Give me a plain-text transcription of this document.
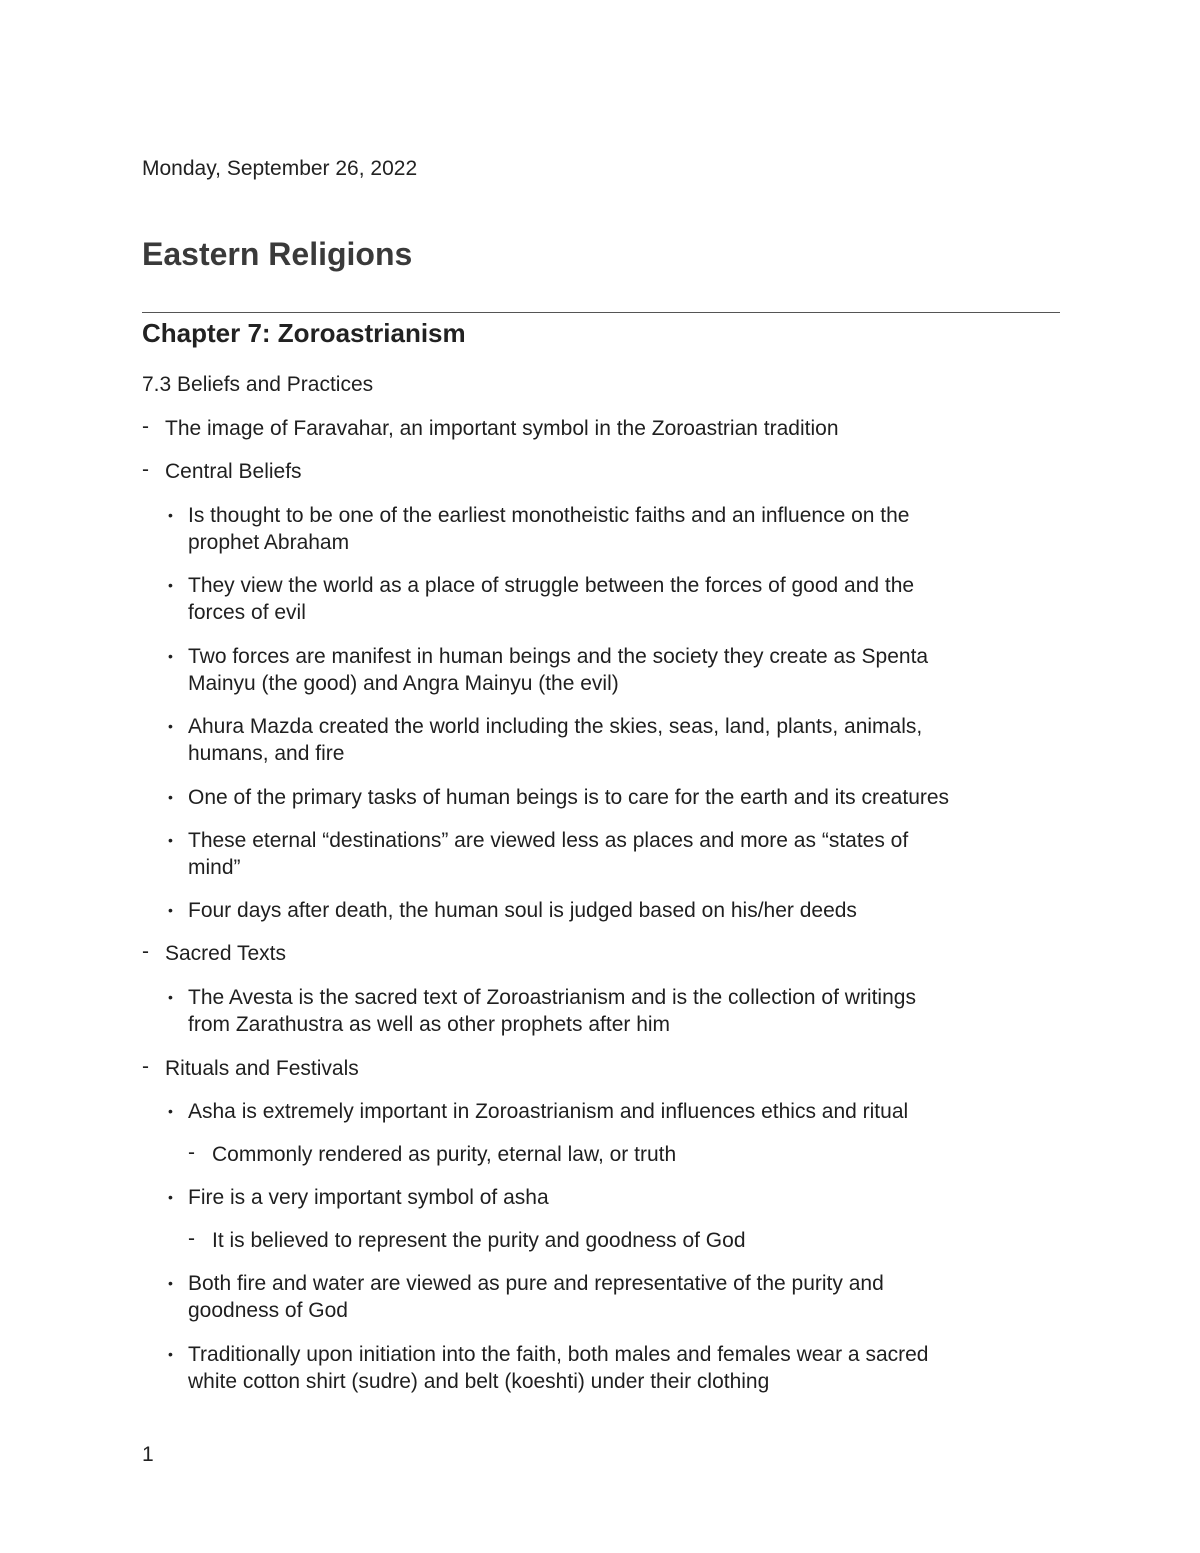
Monday, September 26, 2022
Eastern Religions
Chapter 7: Zoroastrianism
7.3 Beliefs and Practices
- The image of Faravahar, an important symbol in the Zoroastrian tradition
- Central Beliefs
• Is thought to be one of the earliest monotheistic faiths and an influence on the
prophet Abraham
• They view the world as a place of struggle between the forces of good and the
forces of evil
• Two forces are manifest in human beings and the society they create as Spenta
Mainyu (the good) and Angra Mainyu (the evil)
• Ahura Mazda created the world including the skies, seas, land, plants, animals,
humans, and fire
• One of the primary tasks of human beings is to care for the earth and its creatures
• These eternal “destinations” are viewed less as places and more as “states of
mind”
• Four days after death, the human soul is judged based on his/her deeds
- Sacred Texts
• The Avesta is the sacred text of Zoroastrianism and is the collection of writings
from Zarathustra as well as other prophets after him
- Rituals and Festivals
• Asha is extremely important in Zoroastrianism and influences ethics and ritual
- Commonly rendered as purity, eternal law, or truth
• Fire is a very important symbol of asha
- It is believed to represent the purity and goodness of God
• Both fire and water are viewed as pure and representative of the purity and
goodness of God
• Traditionally upon initiation into the faith, both males and females wear a sacred
white cotton shirt (sudre) and belt (koeshti) under their clothing
1
